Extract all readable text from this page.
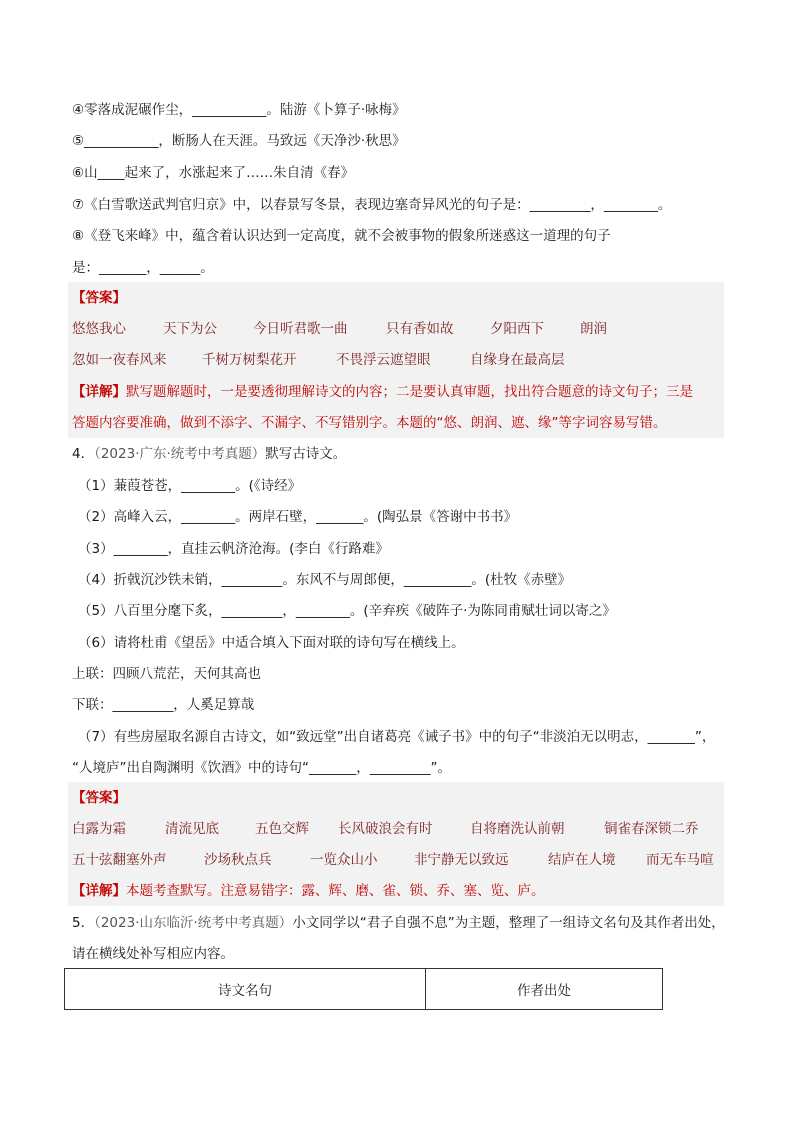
④零落成泥碾作尘，___________。陆游《卜算子·咏梅》
⑤___________，断肠人在天涯。马致远《天净沙·秋思》
⑥山____起来了，水涨起来了……朱自清《春》
⑦《白雪歌送武判官归京》中，以春景写冬景，表现边塞奇异风光的句子是：_________，________。
⑧《登飞来峰》中，蕴含着认识达到一定高度，就不会被事物的假象所迷惑这一道理的句子
是：_______，______。
【答案】
悠悠我心	天下为公	今日听君歌一曲	只有香如故	夕阳西下	朗润
忽如一夜春风来	千树万树梨花开	不畏浮云遮望眼	自缘身在最高层
【详解】默写题解题时，一是要透彻理解诗文的内容；二是要认真审题，找出符合题意的诗文句子；三是
答题内容要准确，做到不添字、不漏字、不写错别字。本题的“悠、朗润、遮、缘”等字词容易写错。
4．（2023·广东·统考中考真题）默写古诗文。
（1）蒹葭苍苍，________。(《诗经》
（2）高峰入云，________。两岸石壁，_______。(陶弘景《答谢中书书》
（3）________，直挂云帆济沧海。(李白《行路难》
（4）折戟沉沙铁未销，_________。东风不与周郎便，__________。(杜牧《赤壁》
（5）八百里分麾下炙，_________，________。(辛弃疾《破阵子·为陈同甫赋壮词以寄之》
（6）请将杜甫《望岳》中适合填入下面对联的诗句写在横线上。
上联：四顾八荒茫，天何其高也
下联：_________，人奚足算哉
（7）有些房屋取名源自古诗文，如“致远堂”出自诸葛亮《诫子书》中的句子“非淡泊无以明志，_______”，
“人境庐”出自陶渊明《饮酒》中的诗句“_______，_________”。
【答案】
白露为霜	清流见底	五色交辉 长风破浪会有时	自将磨洗认前朝	铜雀春深锁二乔
五十弦翻塞外声	沙场秋点兵	一览众山小	非宁静无以致远	结庐在人境 而无车马喧
【详解】本题考查默写。注意易错字：露、辉、磨、雀、锁、乔、塞、览、庐。
5．（2023·山东临沂·统考中考真题）小文同学以“君子自强不息”为主题，整理了一组诗文名句及其作者出处，
请在横线处补写相应内容。
诗文名句	作者出处
